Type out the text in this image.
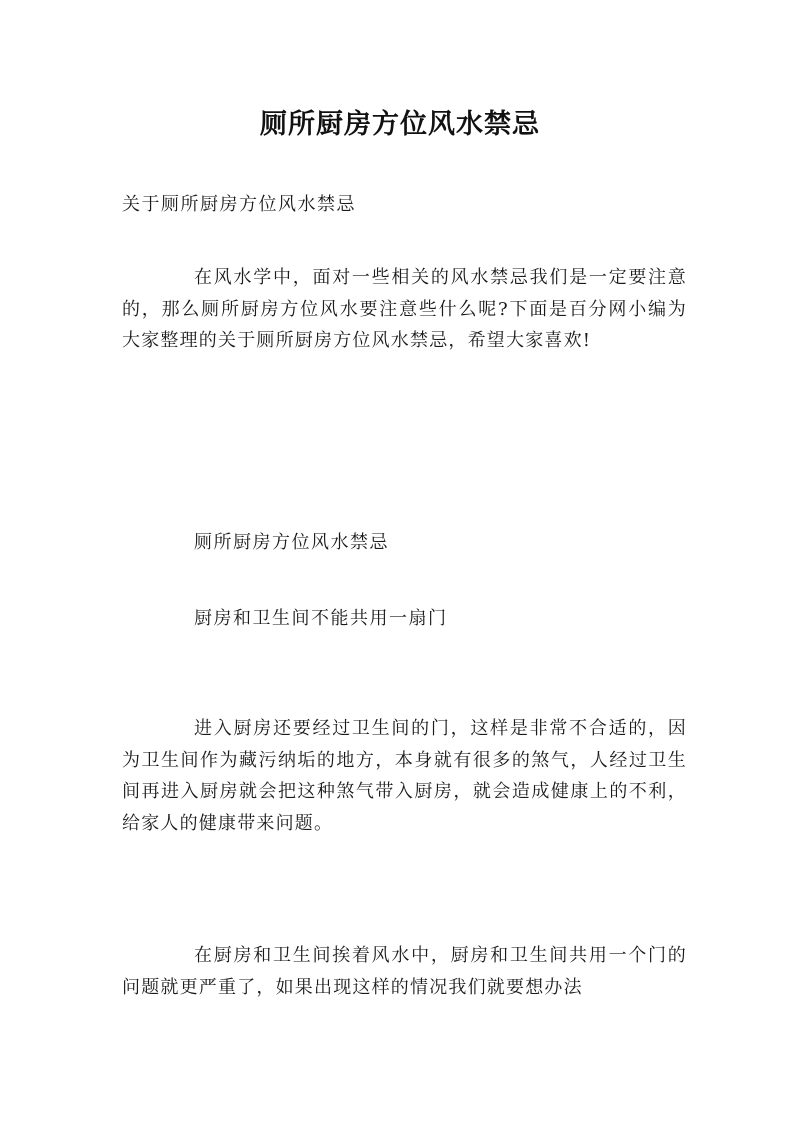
厕所厨房方位风水禁忌
关于厕所厨房方位风水禁忌
在风水学中，面对一些相关的风水禁忌我们是一定要注意的，那么厕所厨房方位风水要注意些什么呢?下面是百分网小编为大家整理的关于厕所厨房方位风水禁忌，希望大家喜欢!
厕所厨房方位风水禁忌
厨房和卫生间不能共用一扇门
进入厨房还要经过卫生间的门，这样是非常不合适的，因为卫生间作为藏污纳垢的地方，本身就有很多的煞气，人经过卫生间再进入厨房就会把这种煞气带入厨房，就会造成健康上的不利，给家人的健康带来问题。
在厨房和卫生间挨着风水中，厨房和卫生间共用一个门的问题就更严重了，如果出现这样的情况我们就要想办法
